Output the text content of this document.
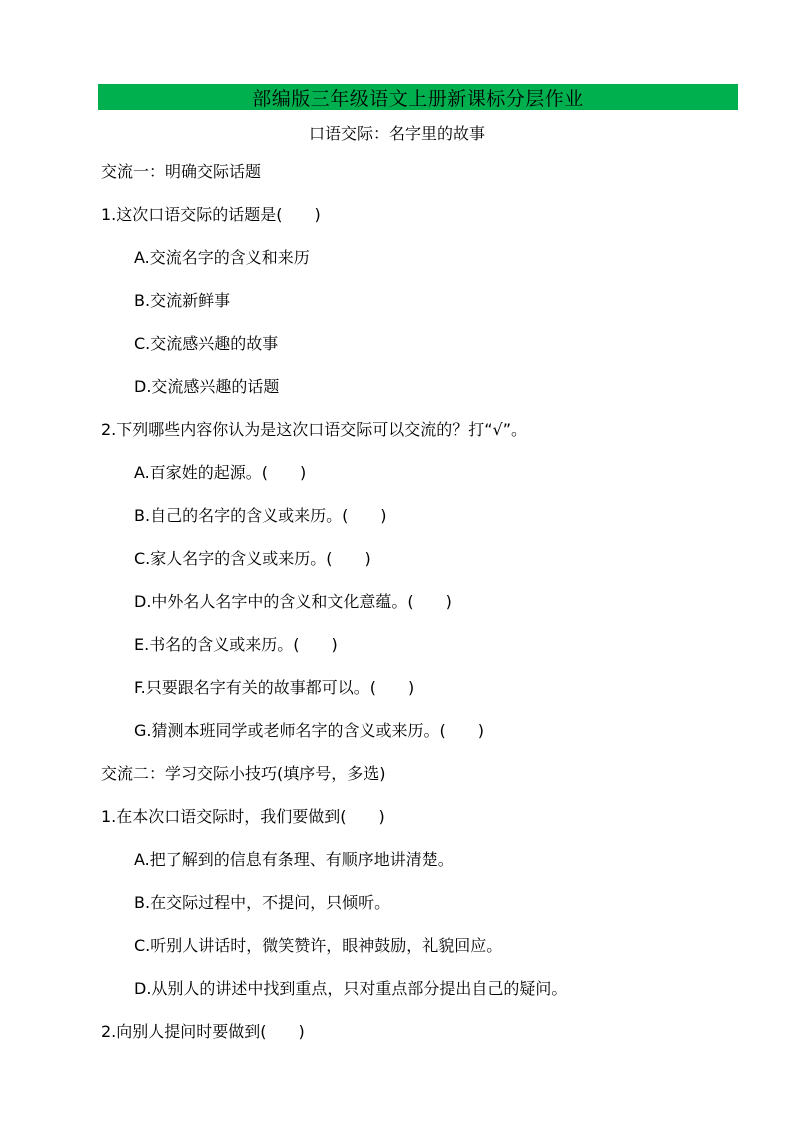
部编版三年级语文上册新课标分层作业
口语交际：名字里的故事
交流一：明确交际话题
1.这次口语交际的话题是(　　)
A.交流名字的含义和来历
B.交流新鲜事
C.交流感兴趣的故事
D.交流感兴趣的话题
2.下列哪些内容你认为是这次口语交际可以交流的？打“√”。
A.百家姓的起源。(　　)
B.自己的名字的含义或来历。(　　)
C.家人名字的含义或来历。(　　)
D.中外名人名字中的含义和文化意蕴。(　　)
E.书名的含义或来历。(　　)
F.只要跟名字有关的故事都可以。(　　)
G.猜测本班同学或老师名字的含义或来历。(　　)
交流二：学习交际小技巧(填序号，多选)
1.在本次口语交际时，我们要做到(　　)
A.把了解到的信息有条理、有顺序地讲清楚。
B.在交际过程中，不提问，只倾听。
C.听别人讲话时，微笑赞许，眼神鼓励，礼貌回应。
D.从别人的讲述中找到重点，只对重点部分提出自己的疑问。
2.向别人提问时要做到(　　)
